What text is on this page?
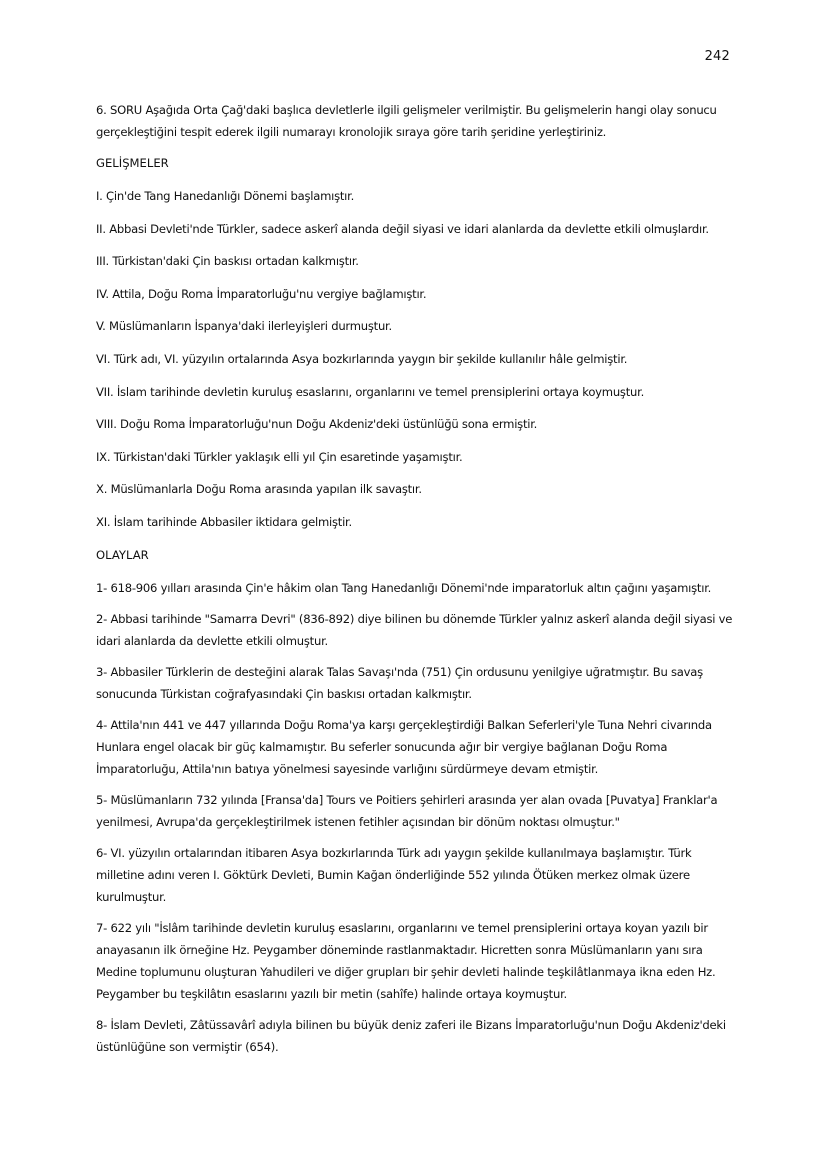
242

6. SORU Aşağıda Orta Çağ'daki başlıca devletlerle ilgili gelişmeler verilmiştir. Bu gelişmelerin hangi olay sonucu gerçekleştiğini tespit ederek ilgili numarayı kronolojik sıraya göre tarih şeridine yerleştiriniz.

GELİŞMELER

I. Çin'de Tang Hanedanlığı Dönemi başlamıştır.

II. Abbasi Devleti'nde Türkler, sadece askerî alanda değil siyasi ve idari alanlarda da devlette etkili olmuşlardır.

III. Türkistan'daki Çin baskısı ortadan kalkmıştır.

IV. Attila, Doğu Roma İmparatorluğu'nu vergiye bağlamıştır.

V. Müslümanların İspanya'daki ilerleyişleri durmuştur.

VI. Türk adı, VI. yüzyılın ortalarında Asya bozkırlarında yaygın bir şekilde kullanılır hâle gelmiştir.

VII. İslam tarihinde devletin kuruluş esaslarını, organlarını ve temel prensiplerini ortaya koymuştur.

VIII. Doğu Roma İmparatorluğu'nun Doğu Akdeniz'deki üstünlüğü sona ermiştir.

IX. Türkistan'daki Türkler yaklaşık elli yıl Çin esaretinde yaşamıştır.

X. Müslümanlarla Doğu Roma arasında yapılan ilk savaştır.

XI. İslam tarihinde Abbasiler iktidara gelmiştir.

OLAYLAR

1- 618-906 yılları arasında Çin'e hâkim olan Tang Hanedanlığı Dönemi'nde imparatorluk altın çağını yaşamıştır.

2- Abbasi tarihinde "Samarra Devri" (836-892) diye bilinen bu dönemde Türkler yalnız askerî alanda değil siyasi ve idari alanlarda da devlette etkili olmuştur.

3- Abbasiler Türklerin de desteğini alarak Talas Savaşı'nda (751) Çin ordusunu yenilgiye uğratmıştır. Bu savaş sonucunda Türkistan coğrafyasındaki Çin baskısı ortadan kalkmıştır.

4- Attila'nın 441 ve 447 yıllarında Doğu Roma'ya karşı gerçekleştirdiği Balkan Seferleri'yle Tuna Nehri civarında Hunlara engel olacak bir güç kalmamıştır. Bu seferler sonucunda ağır bir vergiye bağlanan Doğu Roma İmparatorluğu, Attila'nın batıya yönelmesi sayesinde varlığını sürdürmeye devam etmiştir.

5- Müslümanların 732 yılında [Fransa'da] Tours ve Poitiers şehirleri arasında yer alan ovada [Puvatya] Franklar'a yenilmesi, Avrupa'da gerçekleştirilmek istenen fetihler açısından bir dönüm noktası olmuştur."

6- VI. yüzyılın ortalarından itibaren Asya bozkırlarında Türk adı yaygın şekilde kullanılmaya başlamıştır. Türk milletine adını veren I. Göktürk Devleti, Bumin Kağan önderliğinde 552 yılında Ötüken merkez olmak üzere kurulmuştur.

7- 622 yılı "İslâm tarihinde devletin kuruluş esaslarını, organlarını ve temel prensiplerini ortaya koyan yazılı bir anayasanın ilk örneğine Hz. Peygamber döneminde rastlanmaktadır. Hicretten sonra Müslümanların yanı sıra Medine toplumunu oluşturan Yahudileri ve diğer grupları bir şehir devleti halinde teşkilâtlanmaya ikna eden Hz. Peygamber bu teşkilâtın esaslarını yazılı bir metin (sahîfe) halinde ortaya koymuştur.

8- İslam Devleti, Zâtüssavârî adıyla bilinen bu büyük deniz zaferi ile Bizans İmparatorluğu'nun Doğu Akdeniz'deki üstünlüğüne son vermiştir (654).
